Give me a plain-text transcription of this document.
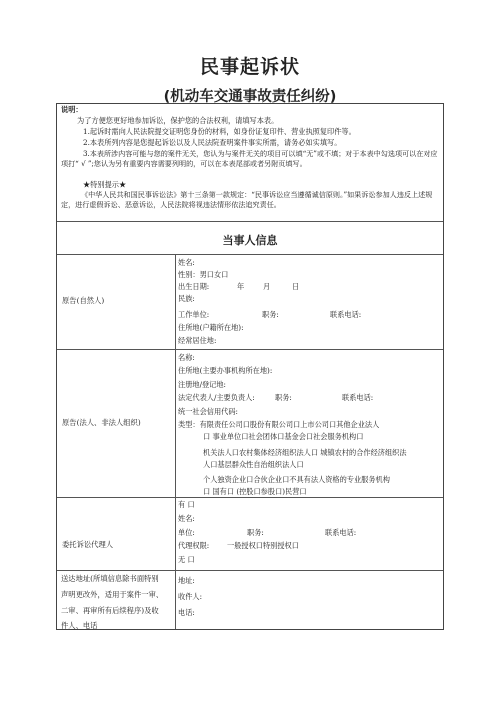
民事起诉状
(机动车交通事故责任纠纷)
说明：
为了方便您更好地参加诉讼，保护您的合法权利，请填写本表。
1.起诉时需向人民法院提交证明您身份的材料，如身份证复印件、营业执照复印件等。
2.本表所列内容是您提起诉讼以及人民法院查明案件事实所需，请务必如实填写。
3.本表所涉内容可能与您的案件无关，您认为与案件无关的项目可以填“无”或不填；对于本表中勾选项可以在对应项打“ √ ”;您认为另有重要内容需要列明的，可以在本表尾部或者另附页填写。
★特别提示★
《中华人民共和国民事诉讼法》第十三条第一款规定：“民事诉讼应当遵循诚信原则。”如果诉讼参加人违反上述规定，进行虚假诉讼、恶意诉讼，人民法院将视违法情形依法追究责任。
当事人信息
原告(自然人)
姓名:
性别：男口女口
出生日期:	年	月	日
民族:
工作单位:	职务:	联系电话:
住所地(户籍所在地):
经常居住地:
原告(法人、非法人组织)
名称:
住所地(主要办事机构所在地):
注册地/登记地:
法定代表人/主要负责人:	职务:	联系电话:
统一社会信用代码:
类型：有限责任公司口股份有限公司口上市公司口其他企业法人
口 事业单位口社会团体口基金会口社会服务机构口
机关法人口农村集体经济组织法人口 城镇农村的合作经济组织法
人口基层群众性自治组织法人口
个人独资企业口合伙企业口不具有法人资格的专业服务机构
口 国有口 (控股口参股口)民营口
委托诉讼代理人
有 口
姓名:
单位:	职务:	联系电话:
代理权限: 一般授权口特别授权口
无 口
送达地址(所填信息除书面特别
声明更改外，适用于案件一审、
二审、再审所有后续程序)及收
件人、电话
地址:
收件人:
电话:
